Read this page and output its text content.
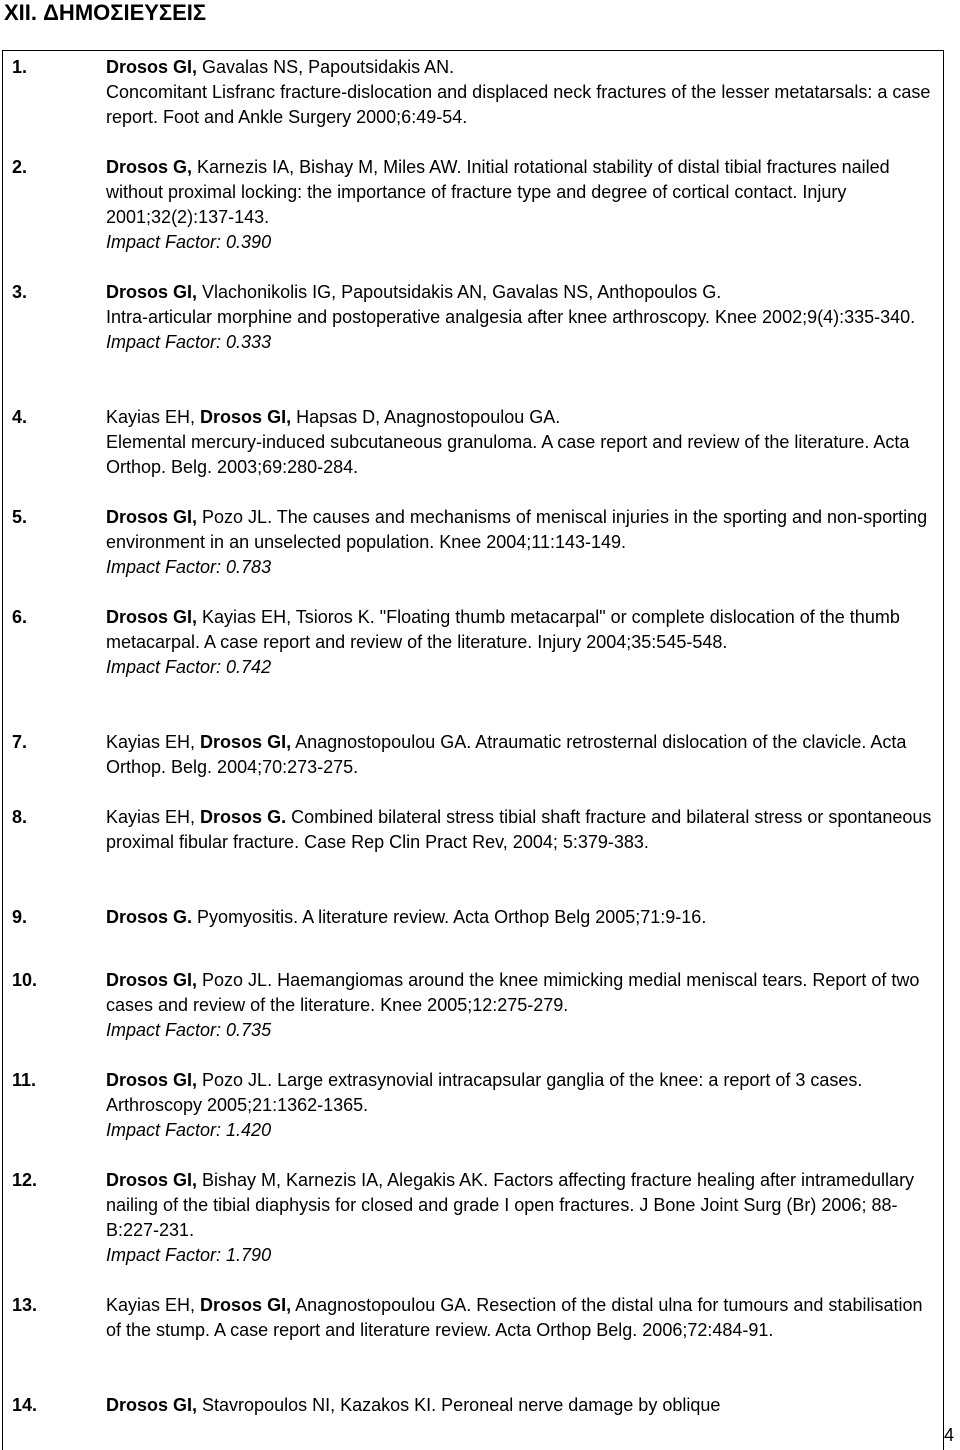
XII. ΔΗΜΟΣΙΕΥΣΕΙΣ
1.	Drosos GI, Gavalas NS, Papoutsidakis AN.
Concomitant Lisfranc fracture-dislocation and displaced neck fractures of the lesser metatarsals: a case report. Foot and Ankle Surgery 2000;6:49-54.
2.	Drosos G, Karnezis IA, Bishay M, Miles AW. Initial rotational stability of distal tibial fractures nailed without proximal locking: the importance of fracture type and degree of cortical contact. Injury 2001;32(2):137-143.
Impact Factor: 0.390
3.	Drosos GI, Vlachonikolis IG, Papoutsidakis AN, Gavalas NS, Anthopoulos G.
Intra-articular morphine and postoperative analgesia after knee arthroscopy. Knee 2002;9(4):335-340.
Impact Factor: 0.333
4.	Kayias EH, Drosos GI, Hapsas D, Anagnostopoulou GA.
Elemental mercury-induced subcutaneous granuloma. A case report and review of the literature. Acta Orthop. Belg. 2003;69:280-284.
5.	Drosos GI, Pozo JL. The causes and mechanisms of meniscal injuries in the sporting and non-sporting environment in an unselected population. Knee 2004;11:143-149.
Impact Factor: 0.783
6.	Drosos GI, Kayias EH, Tsioros K. "Floating thumb metacarpal" or complete dislocation of the thumb metacarpal. A case report and review of the literature. Injury 2004;35:545-548.
Impact Factor: 0.742
7.	Kayias EH, Drosos GI, Anagnostopoulou GA. Atraumatic retrosternal dislocation of the clavicle. Acta Orthop. Belg. 2004;70:273-275.
8.	Kayias EH, Drosos G. Combined bilateral stress tibial shaft fracture and bilateral stress or spontaneous proximal fibular fracture. Case Rep Clin Pract Rev, 2004; 5:379-383.
9.	Drosos G. Pyomyositis. A literature review. Acta Orthop Belg 2005;71:9-16.
10.	Drosos GI, Pozo JL. Haemangiomas around the knee mimicking medial meniscal tears. Report of two cases and review of the literature. Knee 2005;12:275-279.
Impact Factor: 0.735
11.	Drosos GI, Pozo JL. Large extrasynovial intracapsular ganglia of the knee: a report of 3 cases. Arthroscopy 2005;21:1362-1365.
Impact Factor: 1.420
12.	Drosos GI, Bishay M, Karnezis IA, Alegakis AK. Factors affecting fracture healing after intramedullary nailing of the tibial diaphysis for closed and grade I open fractures. J Bone Joint Surg (Br) 2006; 88-B:227-231.
Impact Factor: 1.790
13.	Kayias EH, Drosos GI, Anagnostopoulou GA. Resection of the distal ulna for tumours and stabilisation of the stump. A case report and literature review. Acta Orthop Belg. 2006;72:484-91.
14.	Drosos GI, Stavropoulos NI, Kazakos KI. Peroneal nerve damage by oblique
4
